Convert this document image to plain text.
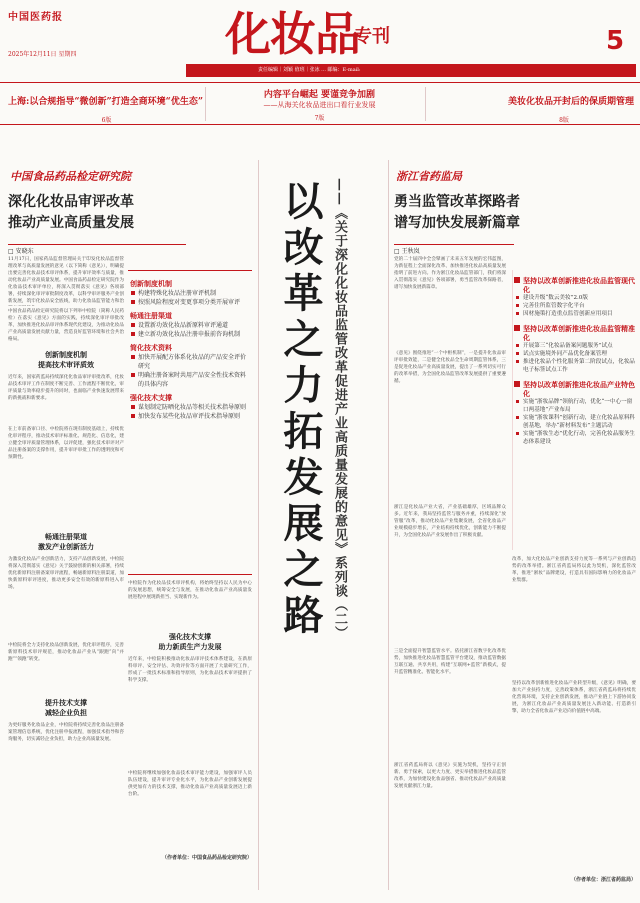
中国医药报
2025年12月11日 星期四	化妆品
专刊	5
责任编辑｜刘颖 值班｜张冰 ... 邮编：E-mail:
上海:以合规指导“微创新”打造全商环境“优生态”
6版
内容平台崛起 要谨竞争加剧
——从海关化妆品进出口看行业发展
7版
美妆化妆品开封后的保质期管理
8版
中国食品药品检定研究院
深化化妆品审评改革
推动产业高质量发展
□ 安晓东

11月17日，国家药品监督管理局关于印发化妆品监督管理改革与高质量发展的意见（以下简称《意见》），明确提出要完善化妆品技术审评体系，提升审评效率与质量，推动化妆品产业高质量发展。中国食品药品检定研究院作为化妆品技术审评单位，将深入贯彻落实《意见》各项部署，持续深化审评审批制度改革，以科学审评服务产业创新发展，筑牢化妆品安全底线，助力化妆品监管能力和治

中国食品药品检定研究院将以下列举中检院（简称人民药检）在落实《意见》方面的实践，持续深化审评审批改革，加快推进化妆品审评体系现代化建设，为推动化妆品产业高质量发展贡献力量，营造良好监管环境和社会共治格局。

创新制度机制
提高技术审评质效

近年来，国家药监局持续深化化妆品审评审批改革，化妆品技术审评工作在制度不断完善、工作流程不断优化，审评质量与效率稳步提升的同时，也面临产业快速发展带来的新挑战和新要求。

在上市前备审口径、中检院将在现有制度基础上，持续优化审评程序，推动技术审评标准化、规范化、信息化，建立健全审评质量管理体系，以评促建，强化技术审评对产品注册备案的支撑作用，提升审评审批工作的透明度和可预期性。

畅通注册渠道
激发产业创新活力

为激发化妆品产业创新活力，支持产品创新发展，中检院将深入贯彻落实《意见》关于鼓励创新的相关部署，持续优化新原料注册备案审评流程，畅通新原料注册渠道，加快新原料审评进度，推动更多安全有效的新原料进入市场。

中检院将全力支持化妆品创新发展，优化审评程序，完善新原料技术审评规范，推动化妆品产业从“跟跑”向“并跑”“领跑”转变。

提升技术支撑
减轻企业负担

为更好服务化妆品企业，中检院将持续完善化妆品注册备案管理信息系统，优化注册申报流程，加强技术指导和咨询服务，切实减轻企业负担，助力企业高质量发展。

创新制度机制
构建特殊化妆品注册审评机制
按照风险程度对变更事项分类开展审评
畅通注册渠道
设置新功效化妆品新原料审评通道
建立新功效化妆品注册申报前咨询机制
简化技术资料
加快开展配方体系化妆品的产品安全评价研究
明确注册备案时共用产品安全性技术资料的具体内容
强化技术支撑
谋划制定防晒化妆品等相关技术指导原则
加快发布某些化妆品审评技术指导原则

中检院作为化妆品技术审评机构，将始终坚持以人民为中心的发展思想，统筹安全与发展，在推动化妆品产业高质量发展进程中展现新担当、实现新作为。

强化技术支撑
助力新质生产力发展

近年来，中检院积极推动化妆品审评技术体系建设，在新原料审评、安全评估、功效评价等方面开展了大量研究工作，形成了一批技术标准和指导原则，为化妆品技术审评提供了科学支撑。

中检院将继续加强化妆品技术审评能力建设，加强审评人员队伍建设，提升审评专业化水平，为化妆品产业创新发展提供更加有力的技术支撑，推动化妆品产业高质量发展迈上新台阶。

（作者单位：中国食品药品检定研究院）
以改革之力拓发展之路 ——《关于深化化妆品监管改革促进产业高质量发展的意见》系列谈（二）
浙江省药监局
勇当监管改革探路者
谱写加快发展新篇章
□ 王秋岚

党的二十届四中全会擘画了未来五年发展的宏伟蓝图，为新征程上全面深化改革、加快推进化妆品高质量发展指明了前进方向。作为浙江化妆品监管部门，我们将深入贯彻落实《意见》各项部署，勇当监管改革探路者，谱写加快发展新篇章。

《意见》围绕推进“一个中枢机制”，一是提升化妆品审评审批效能，二是健全化妆品全生命周期监管体系，三是促进化妆品产业高质量发展，提出了一系列切实可行的改革举措，为全国化妆品监管改革发展提供了重要遵循。

浙江是化妆品产业大省，产业基础雄厚，区域品牌众多。近年来，我局坚持监管与服务并重，持续深化“放管服”改革，推动化妆品产业集聚发展，全省化妆品产业规模稳步增长，产业结构持续优化，创新能力不断提升，为全国化妆品产业发展作出了积极贡献。

三是全面提升智慧监管水平。依托浙江省数字化改革优势，加快推进化妆品智慧监管平台建设，推动监管数据互联互通、共享共用，构建“互联网+监管”新模式，提升监管精准化、智能化水平。

浙江省药监局将以《意见》实施为契机，坚持守正创新、勇于探索，以更大力度、更实举措推进化妆品监管改革，为加快建设化妆品强省、推动化妆品产业高质量发展贡献浙江力量。

坚持以改革创新推进化妆品监管现代化
建设升级“数云美妆”2.0版
完善住所监管数字化平台
因材施策打造重点监管创新应用项目
坚持以改革创新推进化妆品监管精准化
开展第三“化妆品备案问题服务”试点
试点实施境外同产品优化备案管理
推进化妆品个性化服务第二阶段试点，化妆品电子标签试点工作
坚持以改革创新推进化妆品产业特色化
实施“浙妆品牌”领航行动，优化“一中心一窗口两基地”产业布局
实施“浙妆课科”创新行动，建立化妆品原料科创基地，举办“新材料发布”主题活动
实施“浙妆生态”优化行动，完善化妆品服务生态体系建设

改革，加大化妆品产业创新支持力度等一系列与产业创新趋势的改革举措。浙江省药监局将以此为契机，深化监管改革，推进“浙妆”品牌建设，打造具有国际影响力的化妆品产业集群。

坚持以改革创新推进化妆品产业转型升级，《意见》明确，要加大产业扶持力度，完善政策体系，浙江省药监局将持续优化营商环境，支持企业创新发展，推动产业链上下游协同发展，为浙江化妆品产业高质量发展注入新动能、打造新引擎，助力全省化妆品产业迈向价值链中高端。

（作者单位：浙江省药监局）
